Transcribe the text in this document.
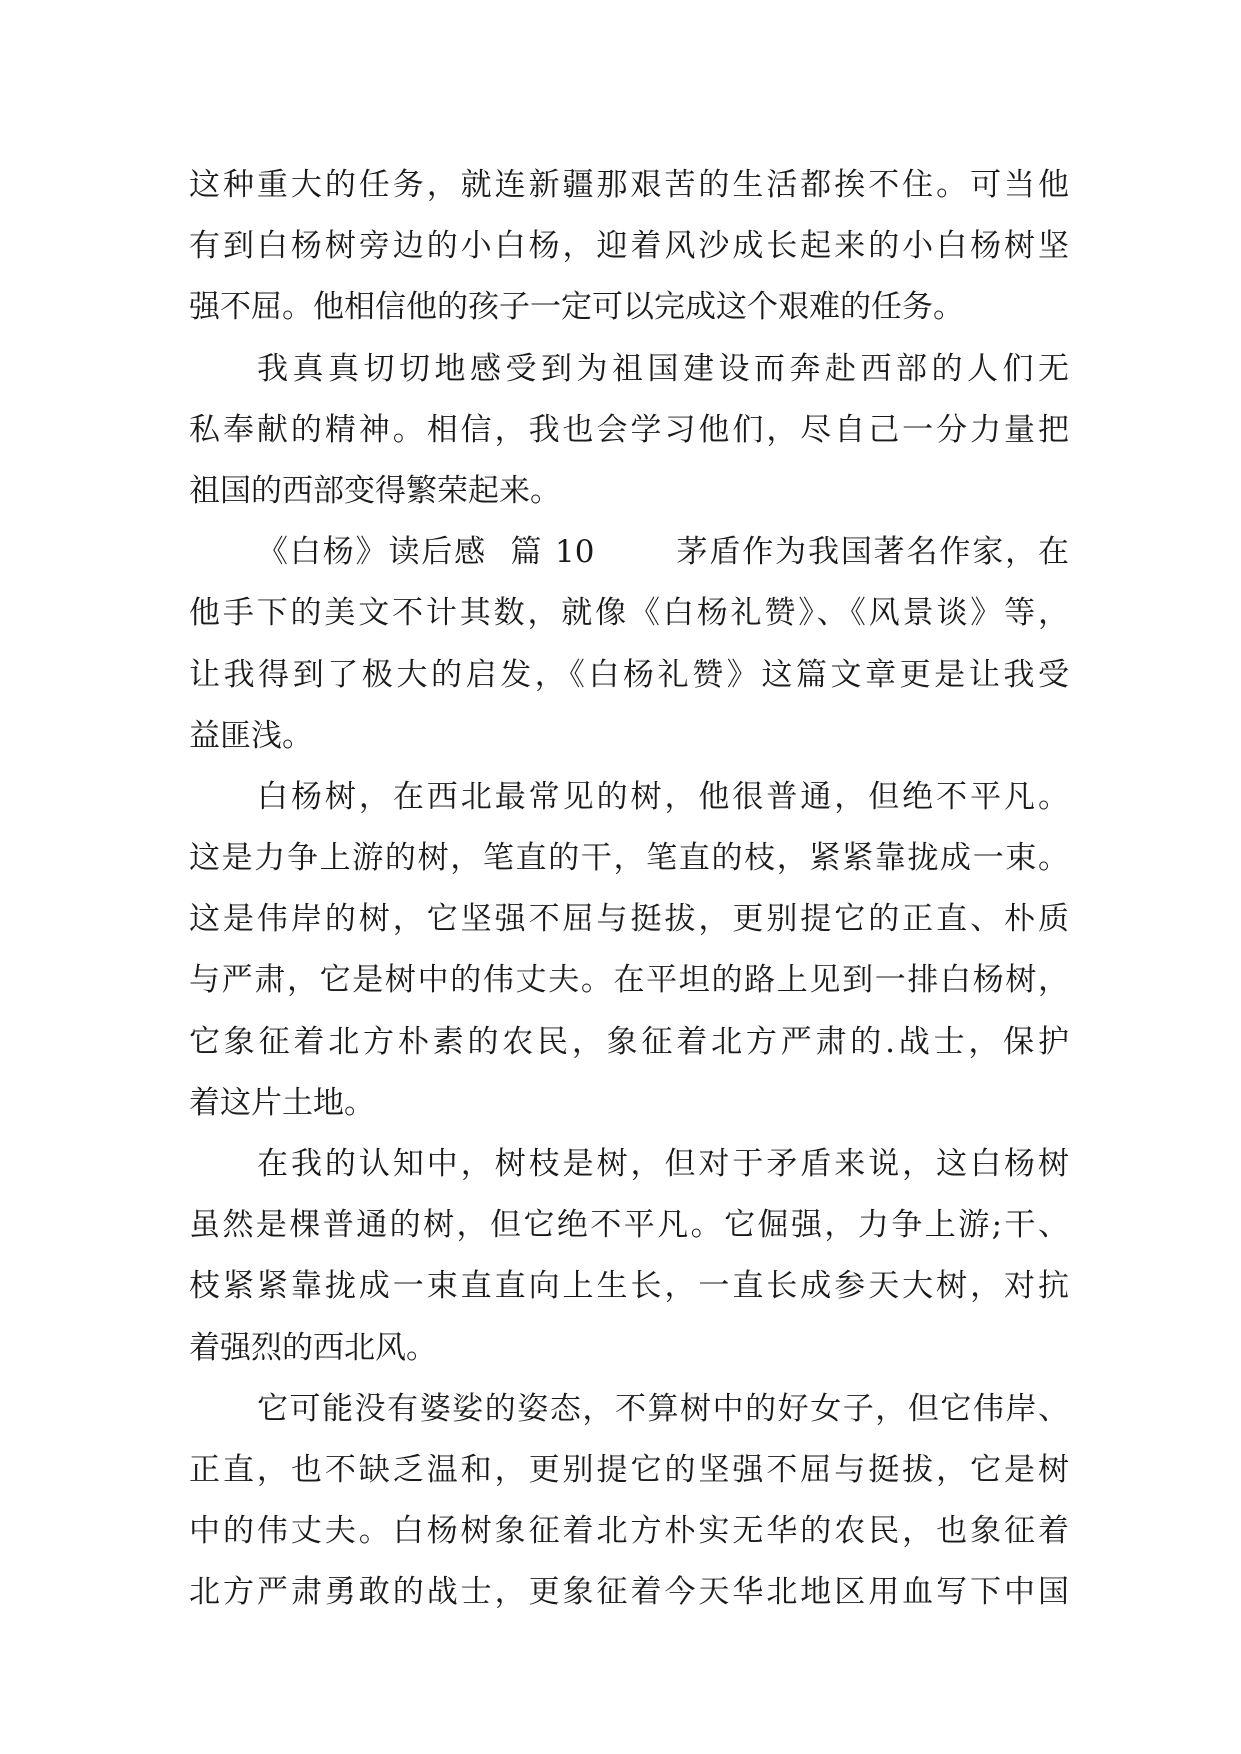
这种重大的任务，就连新疆那艰苦的生活都挨不住。可当他
有到白杨树旁边的小白杨，迎着风沙成长起来的小白杨树坚
强不屈。他相信他的孩子一定可以完成这个艰难的任务。
我真真切切地感受到为祖国建设而奔赴西部的人们无
私奉献的精神。相信，我也会学习他们，尽自己一分力量把
祖国的西部变得繁荣起来。
《白杨》读后感  篇 10       茅盾作为我国著名作家，在
他手下的美文不计其数，就像《白杨礼赞》、《风景谈》等，
让我得到了极大的启发，《白杨礼赞》这篇文章更是让我受
益匪浅。
白杨树，在西北最常见的树，他很普通，但绝不平凡。
这是力争上游的树，笔直的干，笔直的枝，紧紧靠拢成一束。
这是伟岸的树，它坚强不屈与挺拔，更别提它的正直、朴质
与严肃，它是树中的伟丈夫。在平坦的路上见到一排白杨树，
它象征着北方朴素的农民，象征着北方严肃的.战士，保护
着这片土地。
在我的认知中，树枝是树，但对于矛盾来说，这白杨树
虽然是棵普通的树，但它绝不平凡。它倔强，力争上游;干、
枝紧紧靠拢成一束直直向上生长，一直长成参天大树，对抗
着强烈的西北风。
它可能没有婆娑的姿态，不算树中的好女子，但它伟岸、
正直，也不缺乏温和，更别提它的坚强不屈与挺拔，它是树
中的伟丈夫。白杨树象征着北方朴实无华的农民，也象征着
北方严肃勇敢的战士，更象征着今天华北地区用血写下中国
